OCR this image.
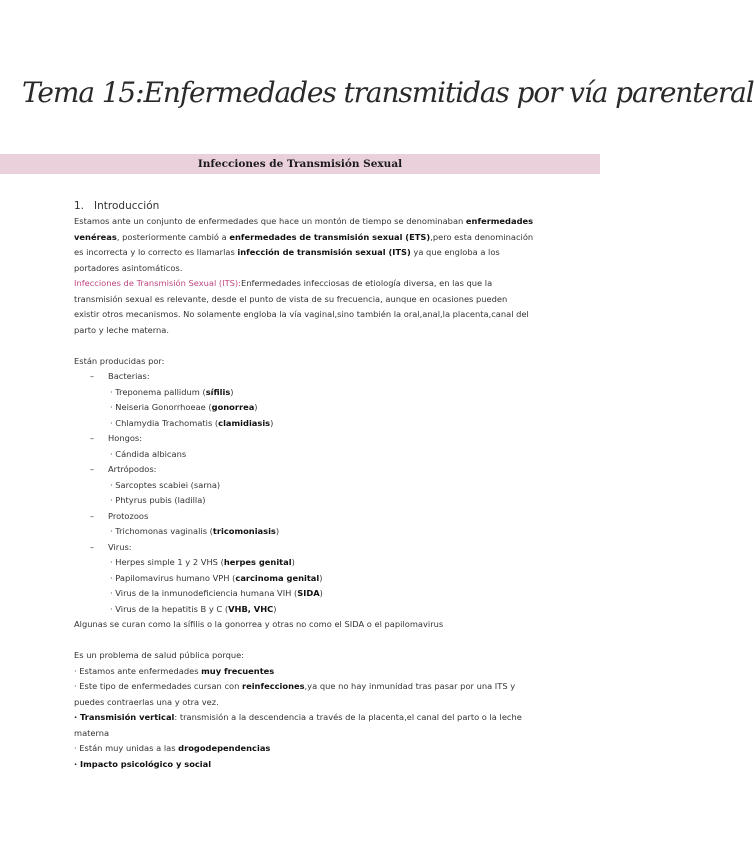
Tema 15:Enfermedades transmitidas por vía parenteral
Infecciones de Transmisión Sexual

1. Introducción

Estamos ante un conjunto de enfermedades que hace un montón de tiempo se denominaban enfermedades venéreas, posteriormente cambió a enfermedades de transmisión sexual (ETS),pero esta denominación es incorrecta y lo correcto es llamarlas infección de transmisión sexual (ITS) ya que engloba a los portadores asintomáticos.

Infecciones de Transmisión Sexual (ITS):Enfermedades infecciosas de etiología diversa, en las que la transmisión sexual es relevante, desde el punto de vista de su frecuencia, aunque en ocasiones pueden existir otros mecanismos. No solamente engloba la vía vaginal,sino también la oral,anal,la placenta,canal del parto y leche materna.

Están producidas por:

– Bacterias:

· Treponema pallidum (sífilis)

· Neiseria Gonorrhoeae (gonorrea)

· Chlamydia Trachomatis (clamidiasis)

– Hongos:

· Cándida albicans

– Artrópodos:

· Sarcoptes scabiei (sarna)

· Phtyrus pubis (ladilla)

– Protozoos

· Trichomonas vaginalis (tricomoniasis)

– Virus:

· Herpes simple 1 y 2 VHS (herpes genital)

· Papilomavirus humano VPH (carcinoma genital)

· Virus de la inmunodeficiencia humana VIH (SIDA)

· Virus de la hepatitis B y C (VHB, VHC)

Algunas se curan como la sífilis o la gonorrea y otras no como el SIDA o el papilomavirus

Es un problema de salud pública porque:

· Estamos ante enfermedades muy frecuentes

· Este tipo de enfermedades cursan con reinfecciones,ya que no hay inmunidad tras pasar por una ITS y puedes contraerlas una y otra vez.

· Transmisión vertical: transmisión a la descendencia a través de la placenta,el canal del parto o la leche materna

· Están muy unidas a las drogodependencias

· Impacto psicológico y social
